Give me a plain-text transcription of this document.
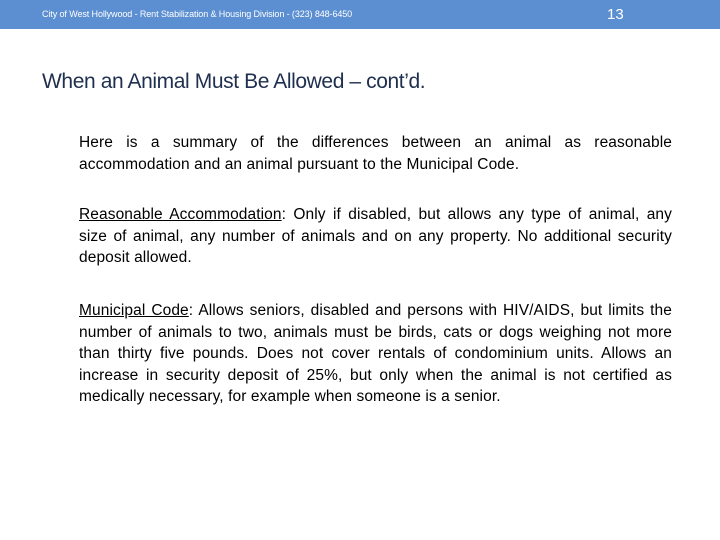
City of West Hollywood - Rent Stabilization & Housing Division - (323) 848-6450	13
When an Animal Must Be Allowed – cont’d.
Here is a summary of the differences between an animal as reasonable accommodation and an animal pursuant to the Municipal Code.
Reasonable Accommodation: Only if disabled, but allows any type of animal, any size of animal, any number of animals and on any property. No additional security deposit allowed.
Municipal Code: Allows seniors, disabled and persons with HIV/AIDS, but limits the number of animals to two, animals must be birds, cats or dogs weighing not more than thirty five pounds. Does not cover rentals of condominium units. Allows an increase in security deposit of 25%, but only when the animal is not certified as medically necessary, for example when someone is a senior.
